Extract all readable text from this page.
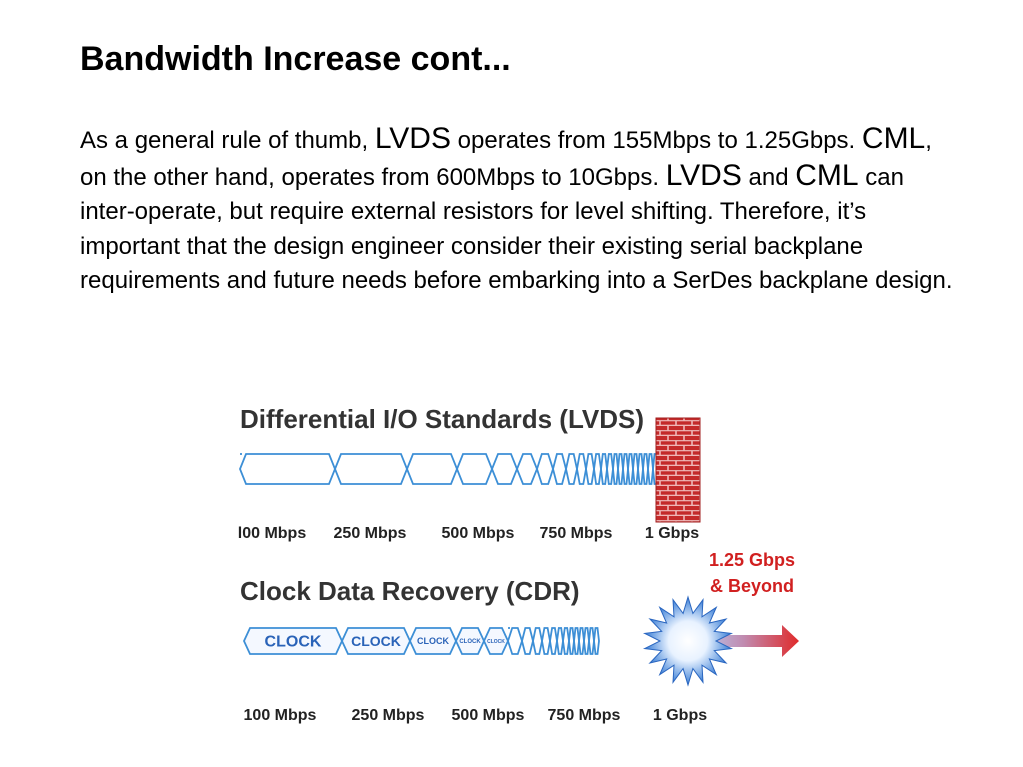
Bandwidth Increase cont...
As a general rule of thumb, LVDS operates from 155Mbps to 1.25Gbps. CML, on the other hand, operates from 600Mbps to 10Gbps. LVDS and CML can inter-operate, but require external resistors for level shifting. Therefore, it’s important that the design engineer consider their existing serial backplane requirements and future needs before embarking into a SerDes backplane design.
Differential I/O Standards (LVDS)
l00 Mbps 250 Mbps 500 Mbps 750 Mbps 1 Gbps
1.25 Gbps
& Beyond
Clock Data Recovery (CDR)
CLOCK CLOCK CLOCK CLOCK CLOCK
100 Mbps 250 Mbps 500 Mbps 750 Mbps 1 Gbps
